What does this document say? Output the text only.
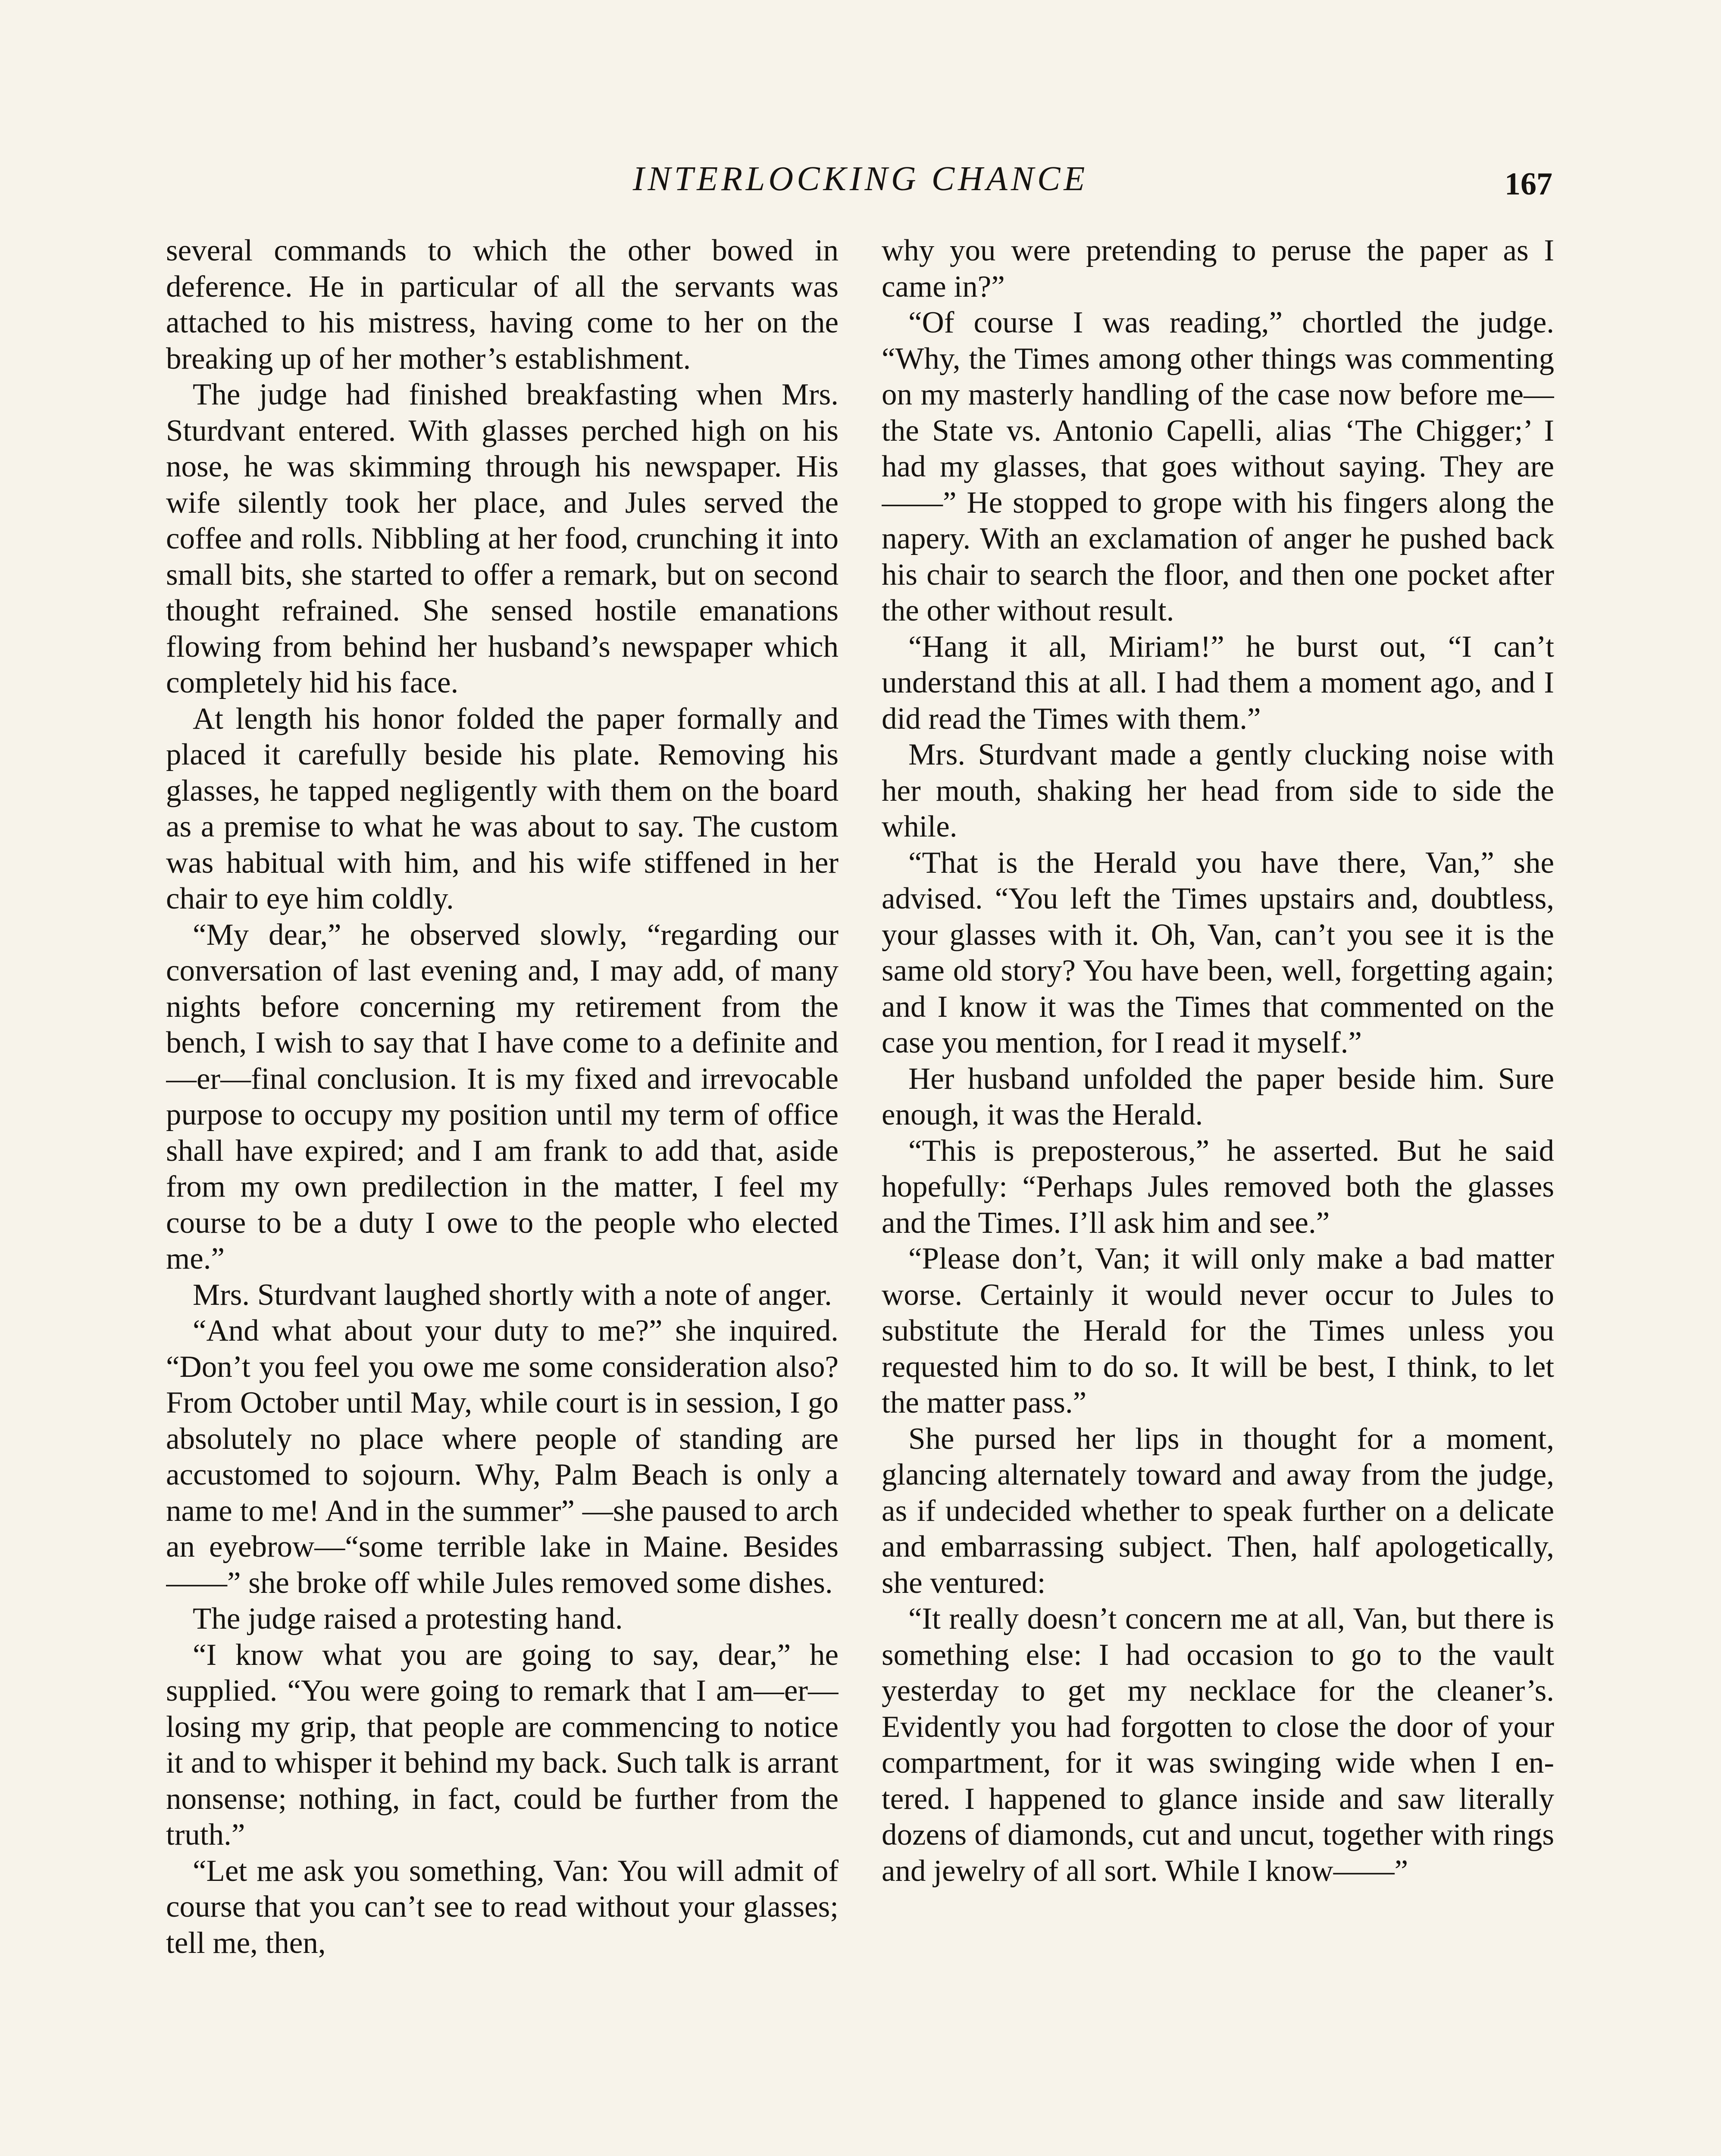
INTERLOCKING CHANCE	167

several commands to which the other bowed in deference. He in particular of all the servants was attached to his mistress, having come to her on the breaking up of her mother’s establishment.

The judge had finished breakfasting when Mrs. Sturdvant entered. With glasses perched high on his nose, he was skimming through his newspaper. His wife silently took her place, and Jules served the coffee and rolls. Nibbling at her food, crunching it into small bits, she started to offer a remark, but on second thought refrained. She sensed hostile emanations flowing from behind her husband’s newspaper which completely hid his face.

At length his honor folded the paper formally and placed it carefully beside his plate. Removing his glasses, he tapped negligently with them on the board as a premise to what he was about to say. The custom was habitual with him, and his wife stiffened in her chair to eye him coldly.

“My dear,” he observed slowly, “regarding our conversation of last evening and, I may add, of many nights before concerning my retirement from the bench, I wish to say that I have come to a definite and—er—final conclusion. It is my fixed and irrevocable purpose to occupy my position until my term of office shall have expired; and I am frank to add that, aside from my own predilection in the matter, I feel my course to be a duty I owe to the people who elected me.”

Mrs. Sturdvant laughed shortly with a note of anger.

“And what about your duty to me?” she inquired. “Don’t you feel you owe me some consideration also? From October until May, while court is in session, I go absolutely no place where people of standing are accustomed to sojourn. Why, Palm Beach is only a name to me! And in the summer” —she paused to arch an eyebrow—“some terrible lake in Maine. Besides——” she broke off while Jules removed some dishes.

The judge raised a protesting hand.

“I know what you are going to say, dear,” he supplied. “You were going to remark that I am—er—losing my grip, that people are commencing to notice it and to whisper it behind my back. Such talk is arrant nonsense; nothing, in fact, could be further from the truth.”

“Let me ask you something, Van: You will admit of course that you can’t see to read without your glasses; tell me, then,

why you were pretending to peruse the paper as I came in?”

“Of course I was reading,” chortled the judge. “Why, the Times among other things was commenting on my masterly handling of the case now before me—the State vs. Antonio Capelli, alias ‘The Chigger;’ I had my glasses, that goes without saying. They are——” He stopped to grope with his fingers along the napery. With an exclamation of anger he pushed back his chair to search the floor, and then one pocket after the other without result.

“Hang it all, Miriam!” he burst out, “I can’t understand this at all. I had them a moment ago, and I did read the Times with them.”

Mrs. Sturdvant made a gently clucking noise with her mouth, shaking her head from side to side the while.

“That is the Herald you have there, Van,” she advised. “You left the Times upstairs and, doubtless, your glasses with it. Oh, Van, can’t you see it is the same old story? You have been, well, forgetting again; and I know it was the Times that commented on the case you mention, for I read it myself.”

Her husband unfolded the paper beside him. Sure enough, it was the Herald.

“This is preposterous,” he asserted. But he said hopefully: “Perhaps Jules removed both the glasses and the Times. I’ll ask him and see.”

“Please don’t, Van; it will only make a bad matter worse. Certainly it would never occur to Jules to substitute the Herald for the Times unless you requested him to do so. It will be best, I think, to let the matter pass.”

She pursed her lips in thought for a moment, glancing alternately toward and away from the judge, as if undecided whether to speak further on a delicate and embarrassing subject. Then, half apologetically, she ventured:

“It really doesn’t concern me at all, Van, but there is something else: I had occasion to go to the vault yesterday to get my necklace for the cleaner’s. Evidently you had forgotten to close the door of your compartment, for it was swinging wide when I entered. I happened to glance inside and saw literally dozens of diamonds, cut and uncut, together with rings and jewelry of all sort. While I know——”
